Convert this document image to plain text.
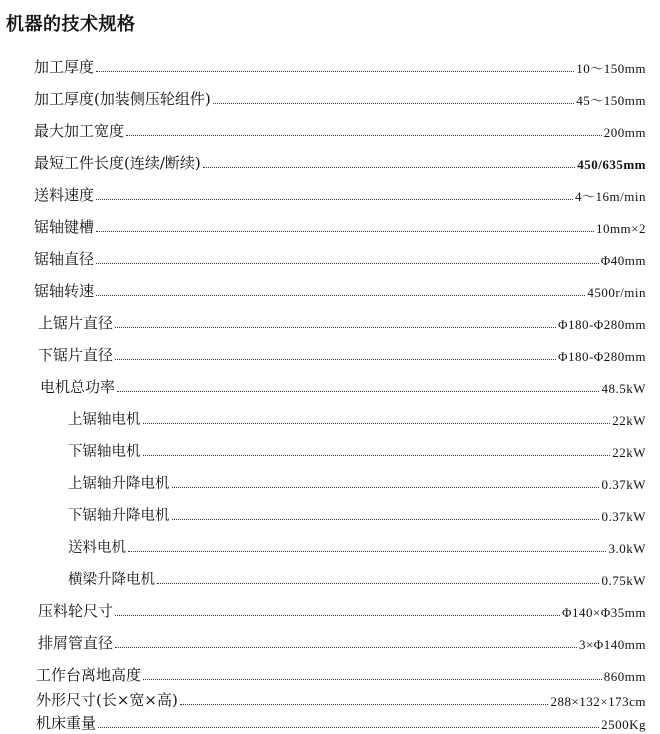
机器的技术规格
加工厚度	10～150mm
加工厚度(加装侧压轮组件)	45～150mm
最大加工宽度	200mm
最短工件长度(连续/断续)	450/635mm
送料速度	4～16m/min
锯轴键槽	10mm×2
锯轴直径	Φ40mm
锯轴转速	4500r/min
上锯片直径	Φ180-Φ280mm
下锯片直径	Φ180-Φ280mm
电机总功率	48.5kW
上锯轴电机	22kW
下锯轴电机	22kW
上锯轴升降电机	0.37kW
下锯轴升降电机	0.37kW
送料电机	3.0kW
横梁升降电机	0.75kW
压料轮尺寸	Φ140×Φ35mm
排屑管直径	3×Φ140mm
工作台离地高度	860mm
外形尺寸(长×宽×高)	288×132×173cm
机床重量	2500Kg
